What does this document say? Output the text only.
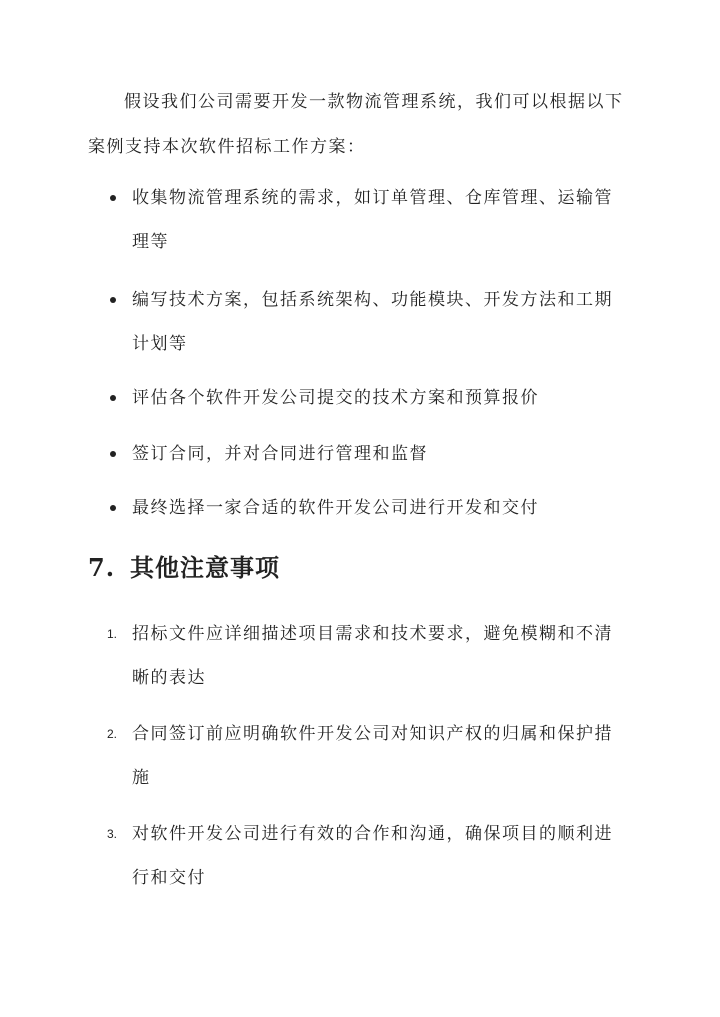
假设我们公司需要开发一款物流管理系统，我们可以根据以下案例支持本次软件招标工作方案：

收集物流管理系统的需求，如订单管理、仓库管理、运输管理等
编写技术方案，包括系统架构、功能模块、开发方法和工期计划等
评估各个软件开发公司提交的技术方案和预算报价
签订合同，并对合同进行管理和监督
最终选择一家合适的软件开发公司进行开发和交付
7. 其他注意事项
1. 招标文件应详细描述项目需求和技术要求，避免模糊和不清晰的表达
2. 合同签订前应明确软件开发公司对知识产权的归属和保护措施
3. 对软件开发公司进行有效的合作和沟通，确保项目的顺利进行和交付
